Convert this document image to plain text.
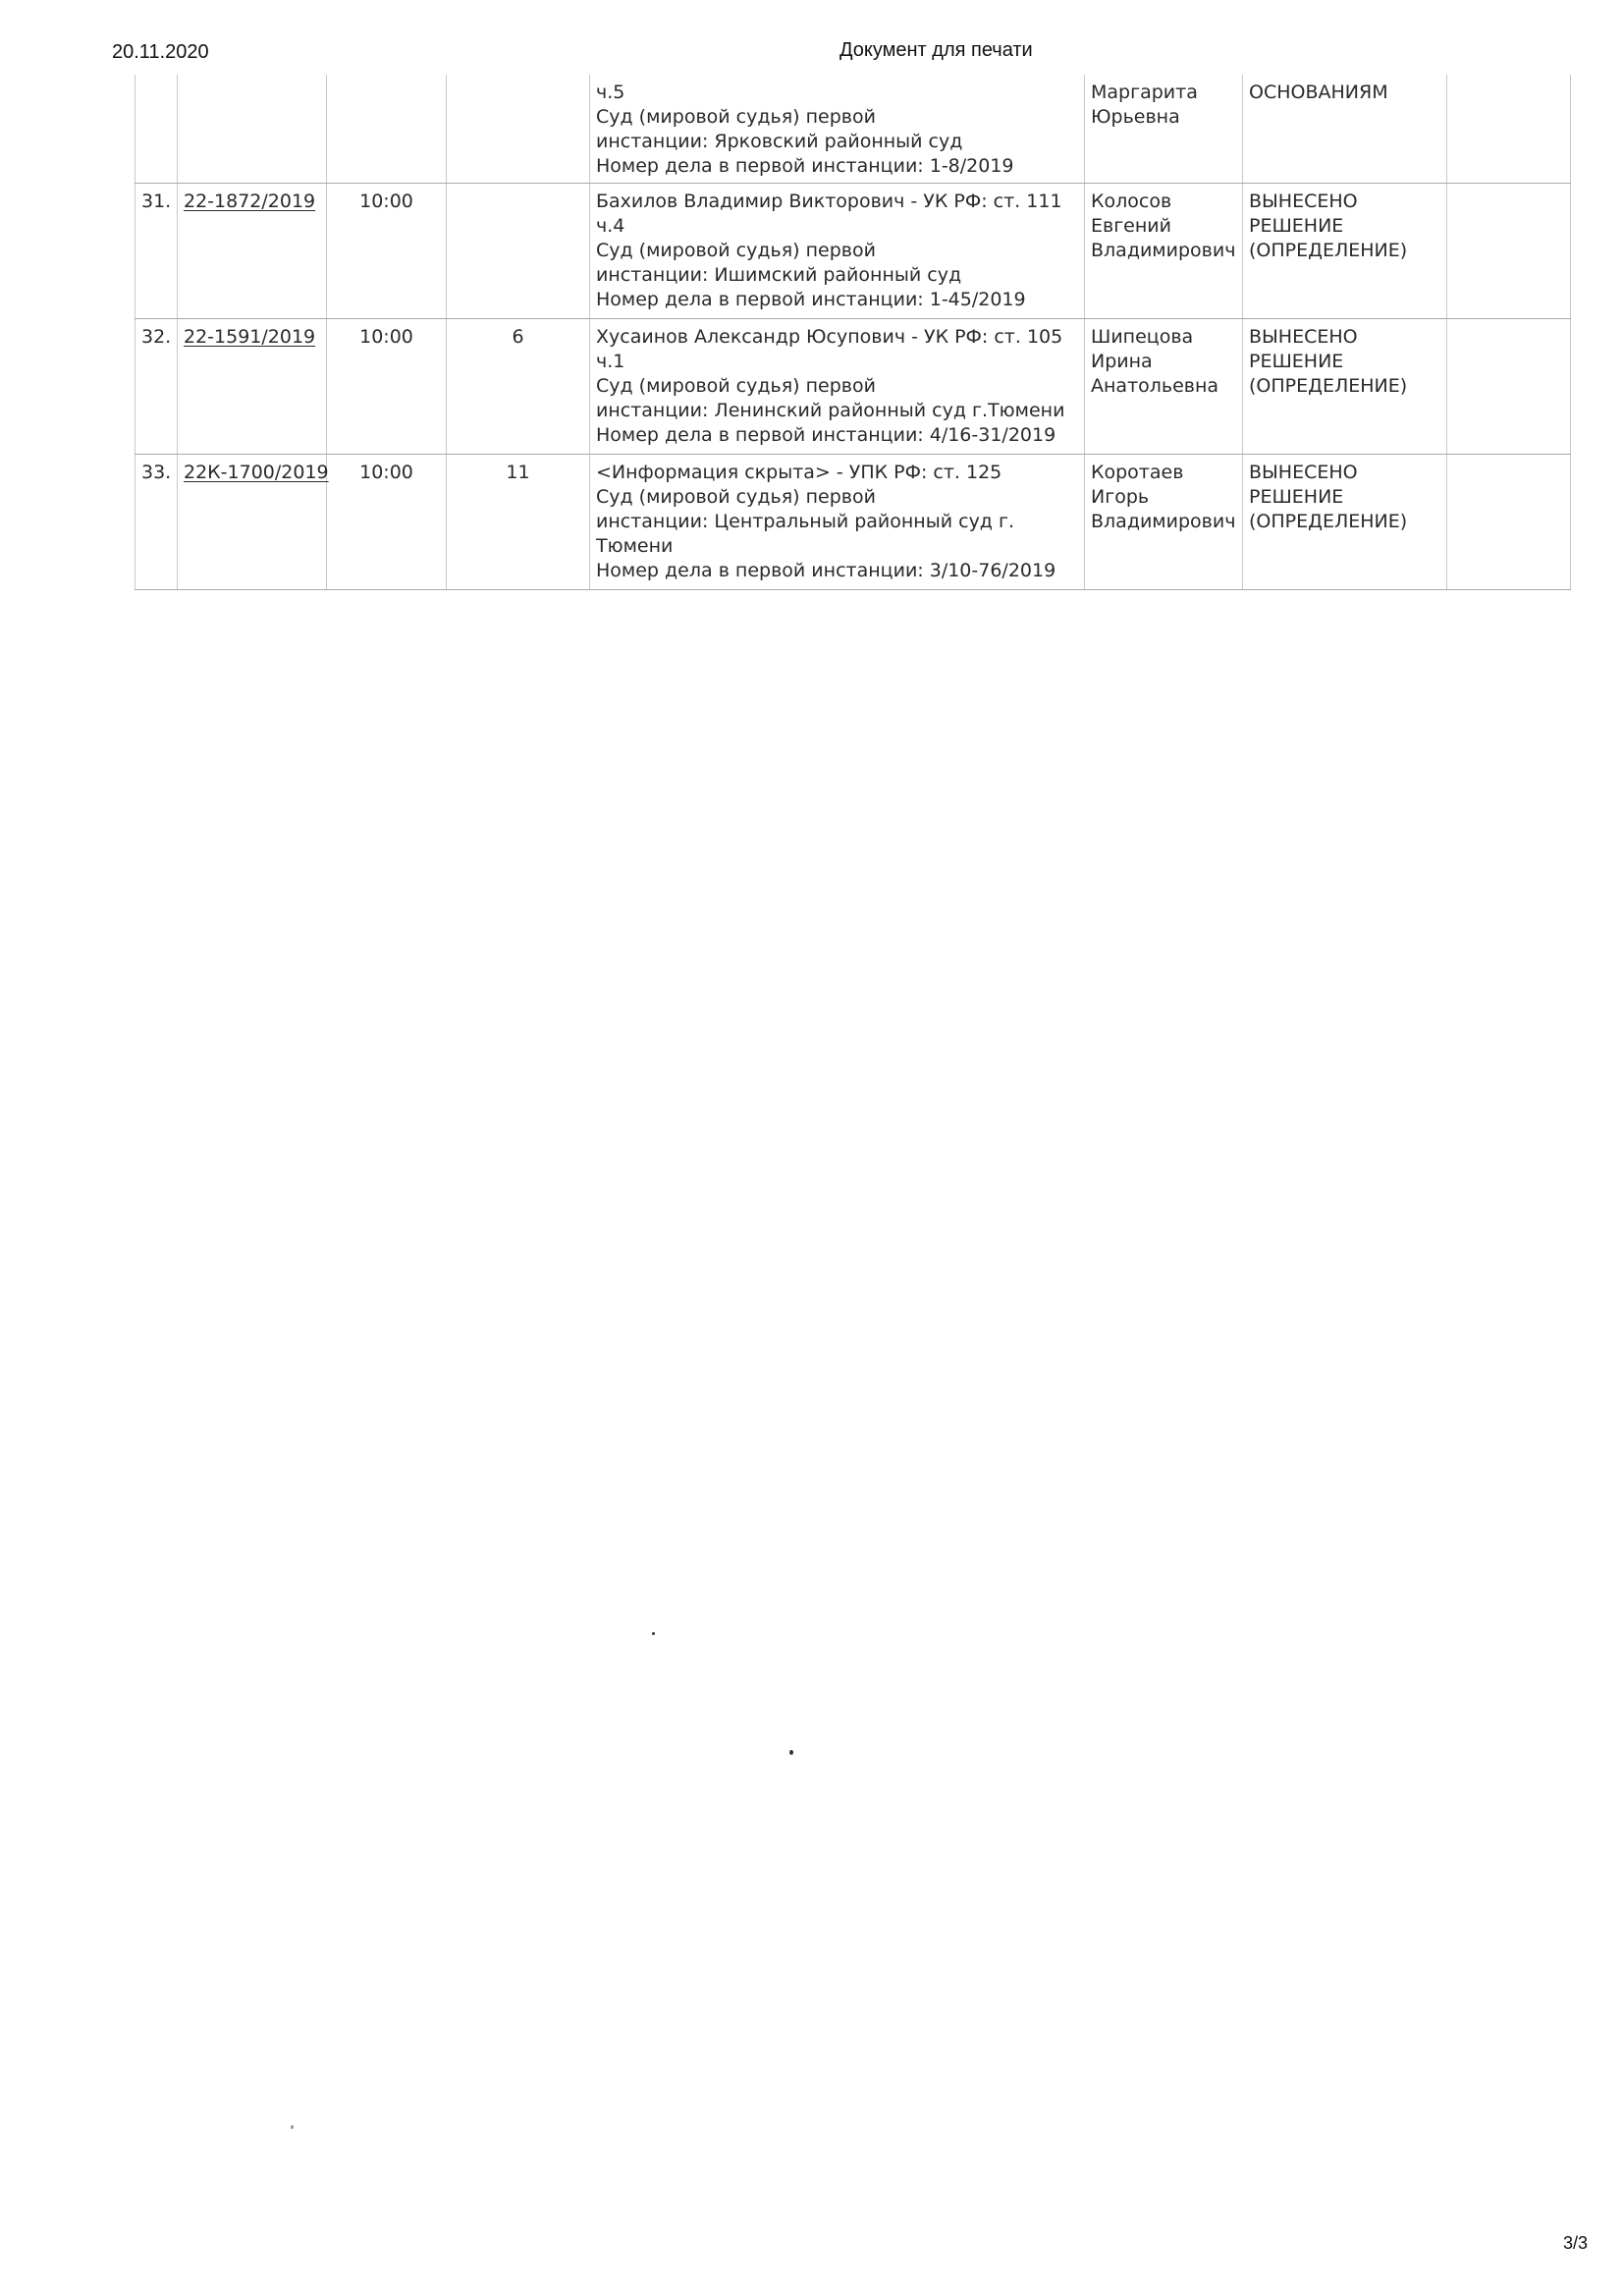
20.11.2020	Документ для печати

				ч.5
Суд (мировой судья) первой
инстанции: Ярковский районный суд
Номер дела в первой инстанции: 1-8/2019	Маргарита
Юрьевна	ОСНОВАНИЯМ	

31.	22-1872/2019	10:00		Бахилов Владимир Викторович - УК РФ: ст. 111
ч.4
Суд (мировой судья) первой
инстанции: Ишимский районный суд
Номер дела в первой инстанции: 1-45/2019	Колосов
Евгений
Владимирович	ВЫНЕСЕНО
РЕШЕНИЕ
(ОПРЕДЕЛЕНИЕ)	

32.	22-1591/2019	10:00	6	Хусаинов Александр Юсупович - УК РФ: ст. 105
ч.1
Суд (мировой судья) первой
инстанции: Ленинский районный суд г.Тюмени
Номер дела в первой инстанции: 4/16-31/2019	Шипецова
Ирина
Анатольевна	ВЫНЕСЕНО
РЕШЕНИЕ
(ОПРЕДЕЛЕНИЕ)	

33.	22К-1700/2019	10:00	11	<Информация скрыта> - УПК РФ: ст. 125
Суд (мировой судья) первой
инстанции: Центральный районный суд г.
Тюмени
Номер дела в первой инстанции: 3/10-76/2019	Коротаев
Игорь
Владимирович	ВЫНЕСЕНО
РЕШЕНИЕ
(ОПРЕДЕЛЕНИЕ)	

3/3
